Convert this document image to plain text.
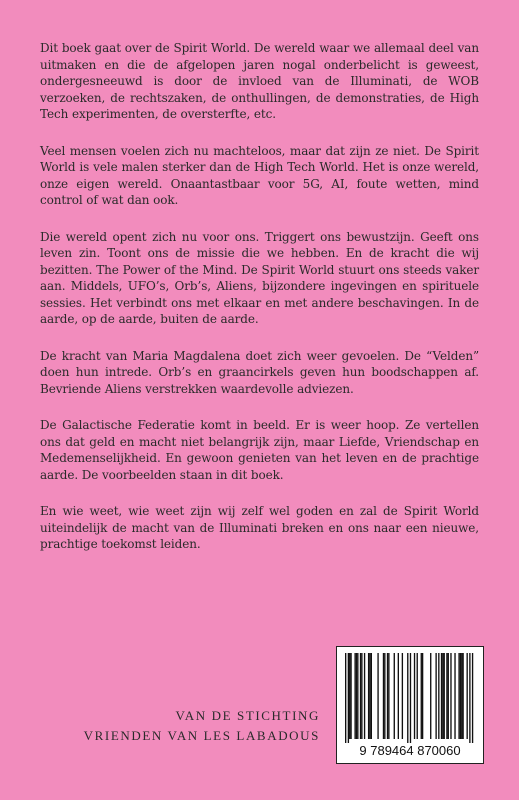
Dit boek gaat over de Spirit World. De wereld waar we allemaal deel van uitmaken en die de afgelopen jaren nogal onderbelicht is geweest, ondergesneeuwd is door de invloed van de Illuminati, de WOB verzoeken, de rechtszaken, de onthullingen, de demonstraties, de High Tech experimenten, de oversterfte, etc.

Veel mensen voelen zich nu machteloos, maar dat zijn ze niet. De Spirit World is vele malen sterker dan de High Tech World. Het is onze wereld, onze eigen wereld. Onaantastbaar voor 5G, AI, foute wetten, mind control of wat dan ook.

Die wereld opent zich nu voor ons. Triggert ons bewustzijn. Geeft ons leven zin. Toont ons de missie die we hebben. En de kracht die wij bezitten. The Power of the Mind. De Spirit World stuurt ons steeds vaker aan. Middels, UFO’s, Orb’s, Aliens, bijzondere ingevingen en spirituele sessies. Het verbindt ons met elkaar en met andere beschavingen. In de aarde, op de aarde, buiten de aarde.

De kracht van Maria Magdalena doet zich weer gevoelen. De “Velden” doen hun intrede. Orb’s en graancirkels geven hun boodschappen af. Bevriende Aliens verstrekken waardevolle adviezen.

De Galactische Federatie komt in beeld. Er is weer hoop. Ze vertellen ons dat geld en macht niet belangrijk zijn, maar Liefde, Vriendschap en Medemenselijkheid. En gewoon genieten van het leven en de prachtige aarde. De voorbeelden staan in dit boek.

En wie weet, wie weet zijn wij zelf wel goden en zal de Spirit World uiteindelijk de macht van de Illuminati breken en ons naar een nieuwe, prachtige toekomst leiden.

VAN DE STICHTING
VRIENDEN VAN LES LABADOUS
9 789464 870060
